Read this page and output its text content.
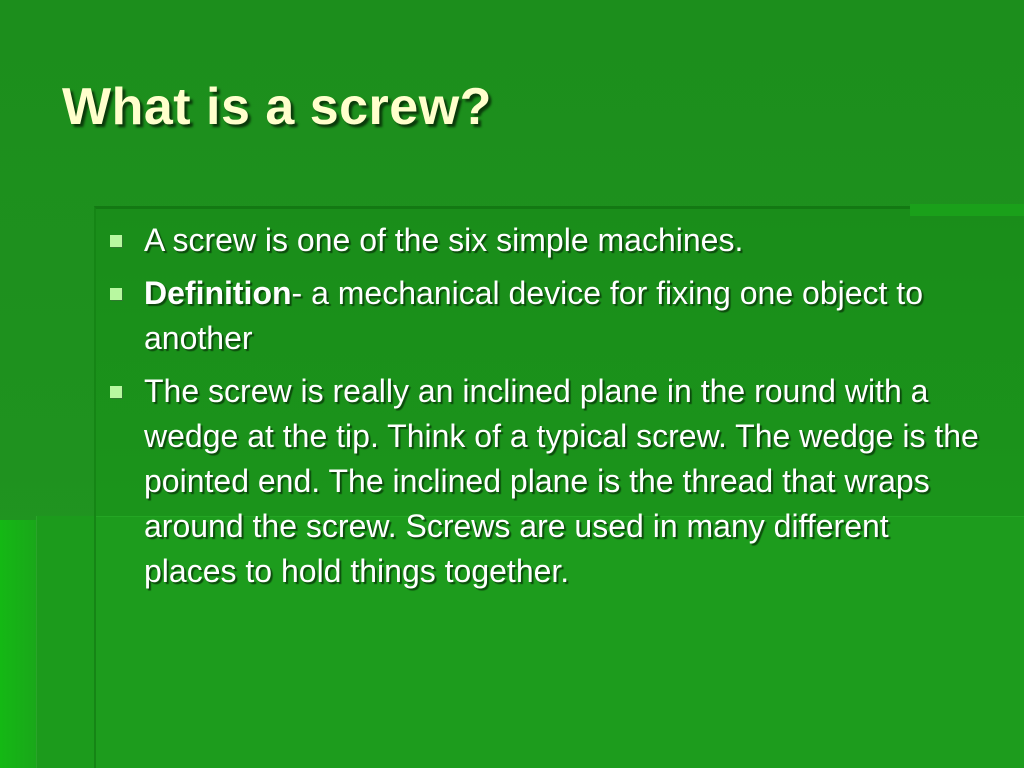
What is a screw?
A screw is one of the six simple machines.
Definition- a mechanical device for fixing one object to another
The screw is really an inclined plane in the round with a wedge at the tip. Think of a typical screw. The wedge is the pointed end. The inclined plane is the thread that wraps around the screw. Screws are used in many different places to hold things together.
